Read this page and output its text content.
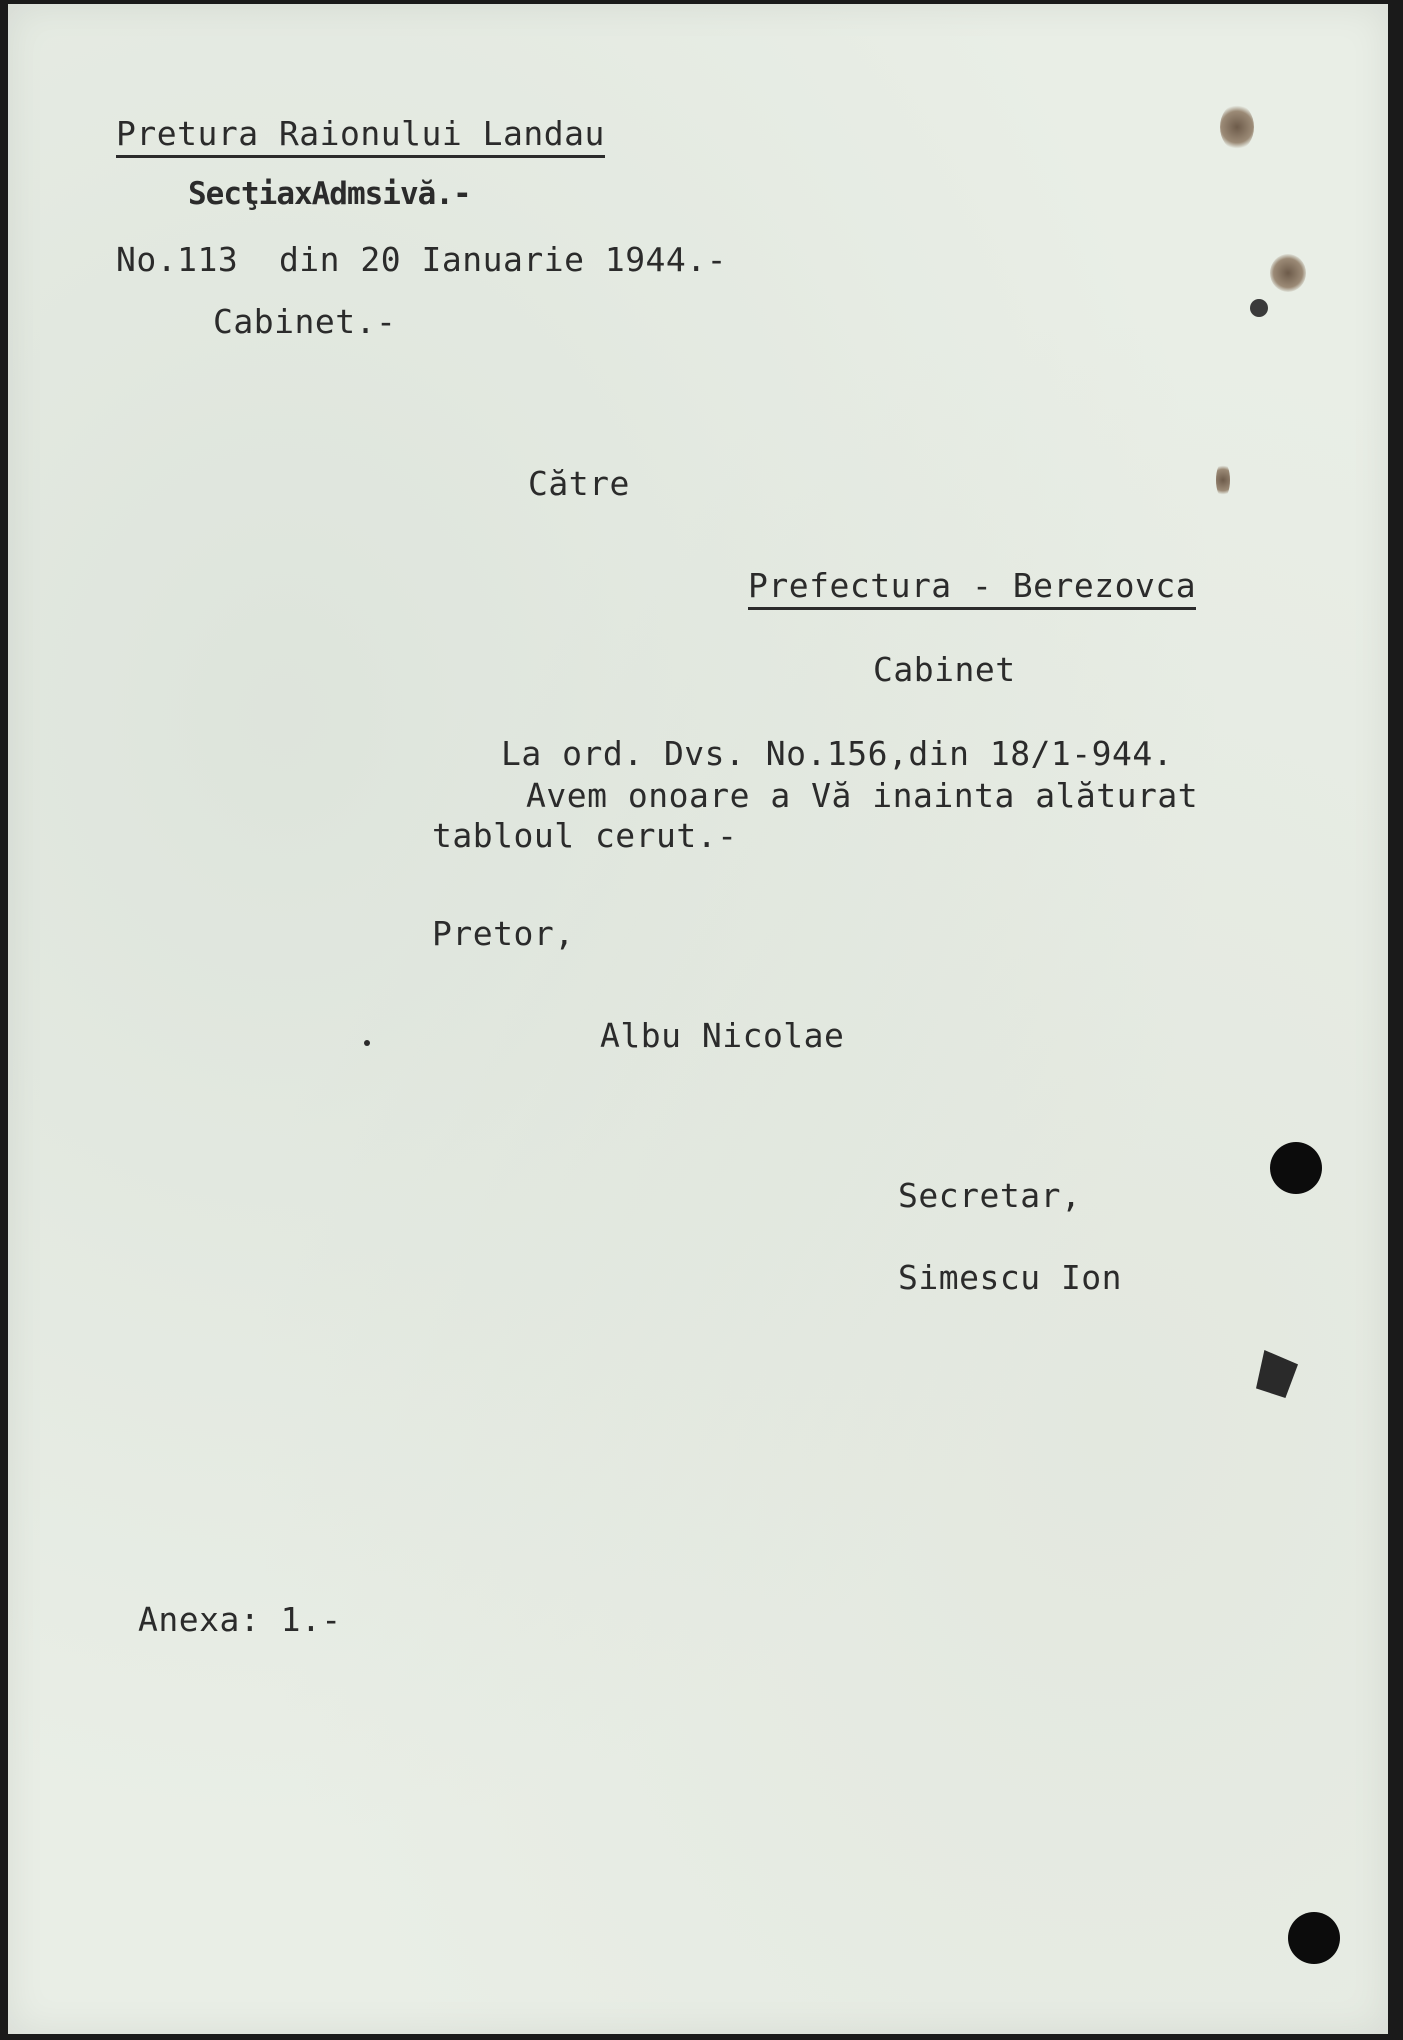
Pretura Raionului Landau
SecţiaxAdmsivă.-
No.113  din 20 Ianuarie 1944.-
Cabinet.-
Către
Prefectura - Berezovca
Cabinet
La ord. Dvs. No.156,din 18/1-944.
Avem onoare a Vă inainta alăturat
tabloul cerut.-
Pretor,
Albu Nicolae
Secretar,
Simescu Ion
Anexa: 1.-
